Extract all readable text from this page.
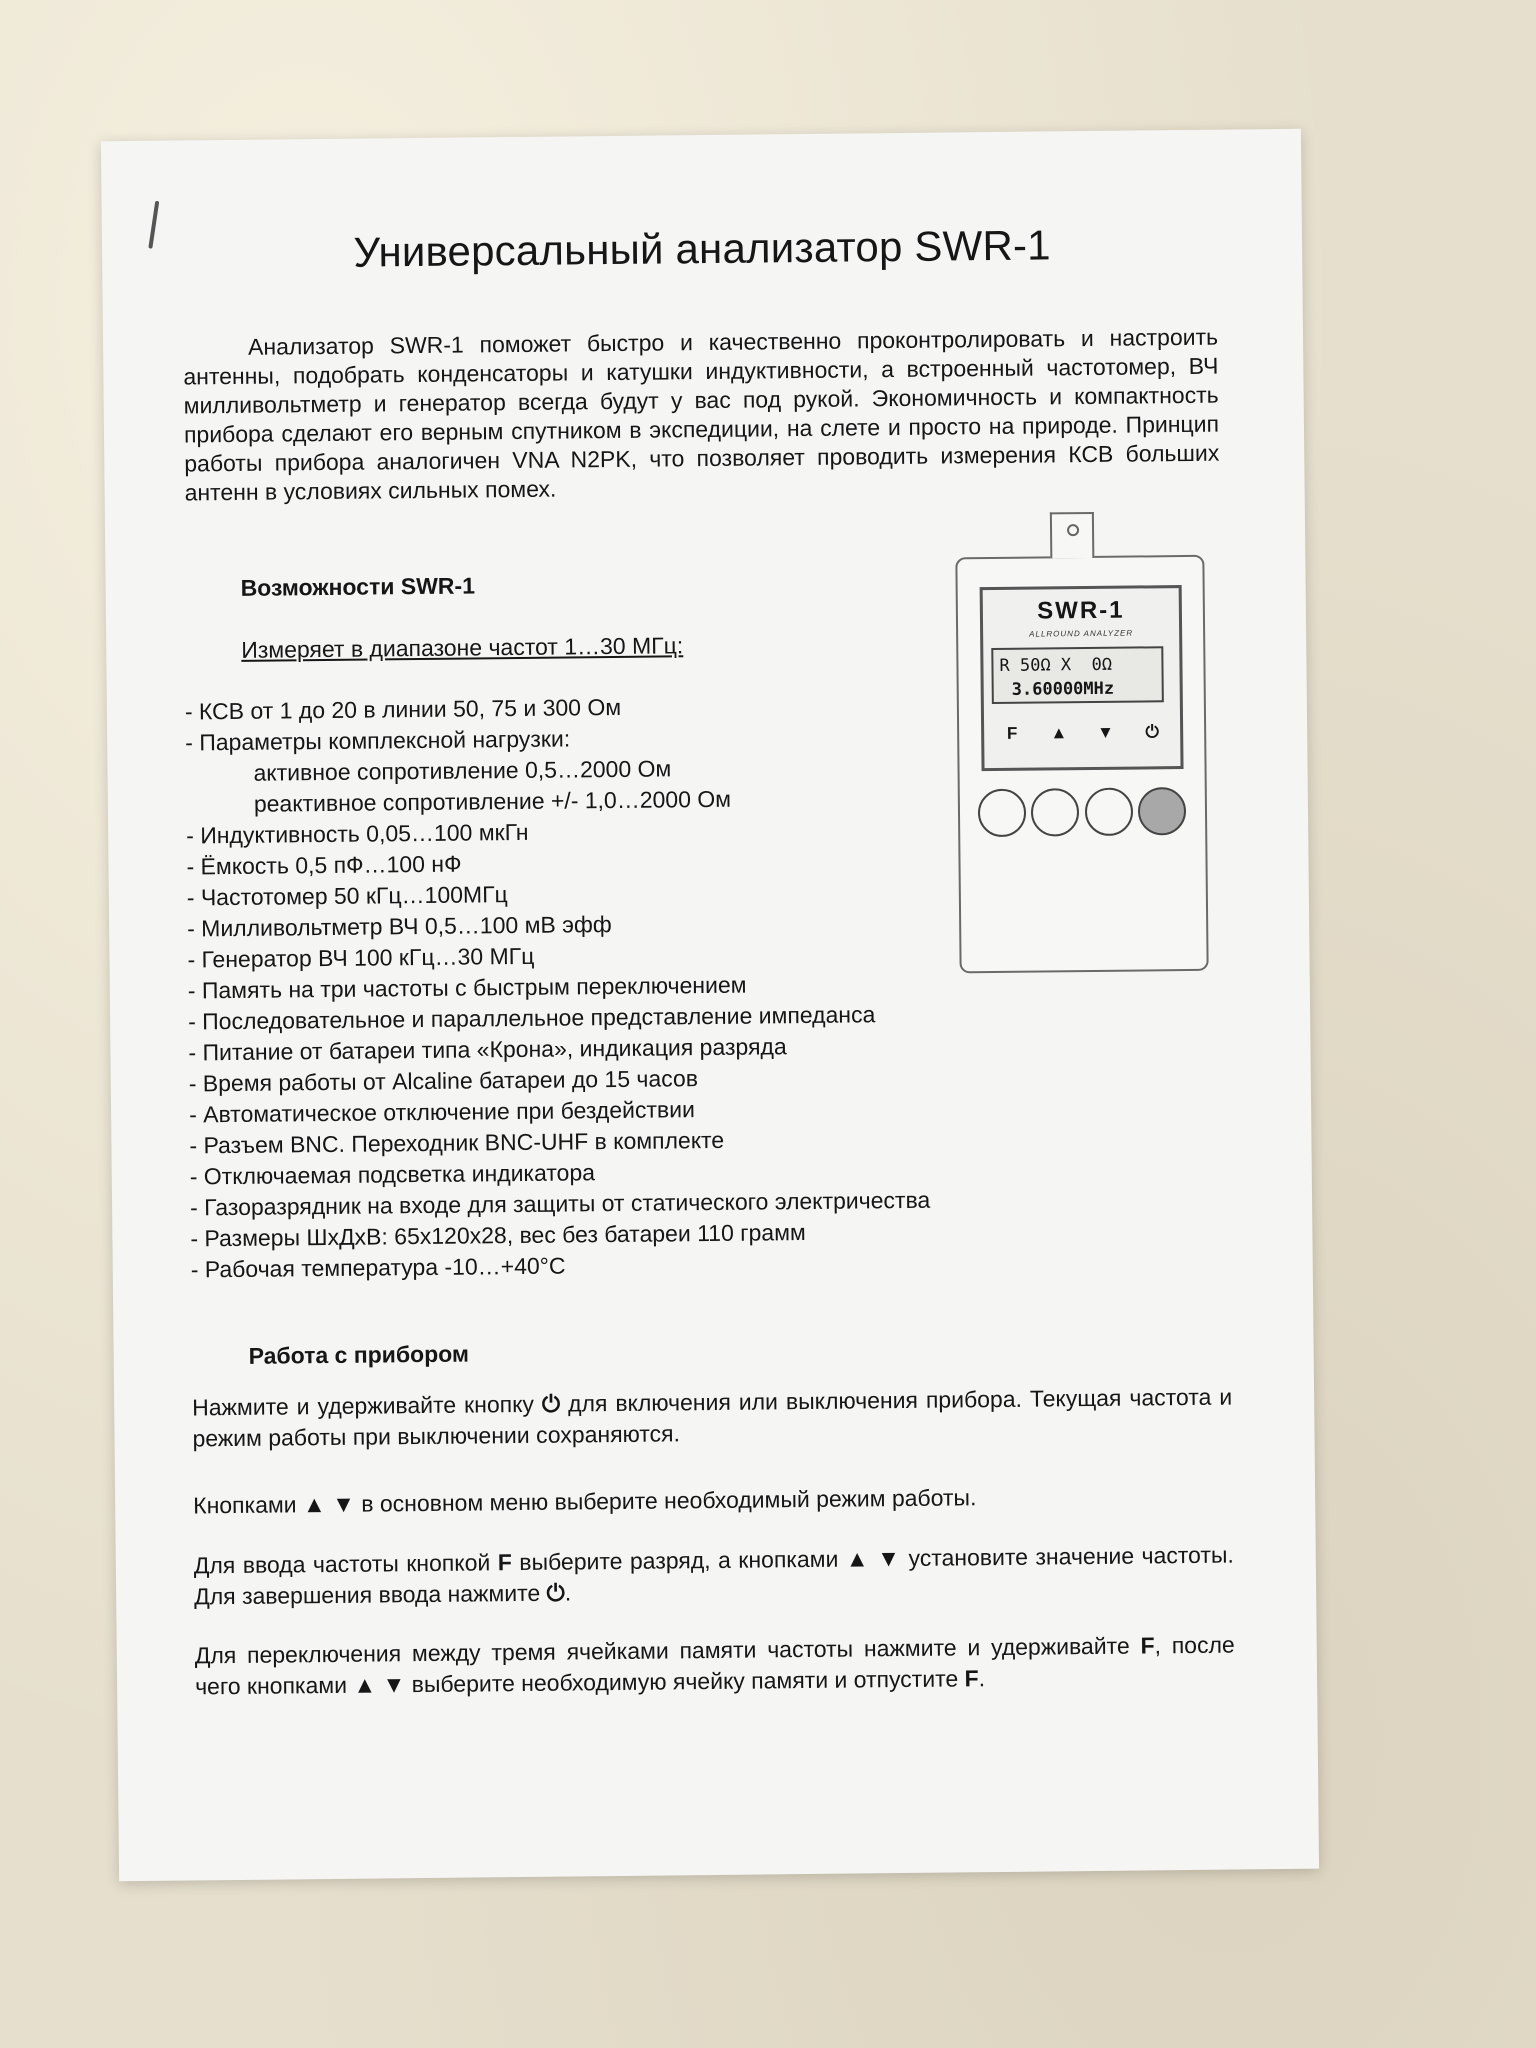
Универсальный анализатор SWR-1

Анализатор SWR-1 поможет быстро и качественно проконтролировать и настроить антенны, подобрать конденсаторы и катушки индуктивности, а встроенный частотомер, ВЧ милливольтметр и генератор всегда будут у вас под рукой. Экономичность и компактность прибора сделают его верным спутником в экспедиции, на слете и просто на природе. Принцип работы прибора аналогичен VNA N2PK, что позволяет проводить измерения КСВ больших антенн в условиях сильных помех.

Возможности SWR-1

Измеряет в диапазоне частот 1…30 МГц:

- КСВ от 1 до 20 в линии 50, 75 и 300 Ом
- Параметры комплексной нагрузки:
активное сопротивление 0,5…2000 Ом
реактивное сопротивление +/- 1,0…2000 Ом
- Индуктивность 0,05…100 мкГн
- Ёмкость 0,5 пФ…100 нФ
- Частотомер 50 кГц…100МГц
- Милливольтметр ВЧ 0,5…100 мВ эфф
- Генератор ВЧ 100 кГц…30 МГц
- Память на три частоты с быстрым переключением
- Последовательное и параллельное представление импеданса
- Питание от батареи типа «Крона», индикация разряда
- Время работы от Alcaline батареи до 15 часов
- Автоматическое отключение при бездействии
- Разъем BNC. Переходник BNC-UHF в комплекте
- Отключаемая подсветка индикатора
- Газоразрядник на входе для защиты от статического электричества
- Размеры ШхДхВ: 65х120х28, вес без батареи 110 грамм
- Рабочая температура -10…+40°C
SWR-1
ALLROUND ANALYZER
R 50Ω X  0Ω
3.60000MHz
F	▲	▼	⏻
Работа с прибором

Нажмите и удерживайте кнопку ⏻ для включения или выключения прибора. Текущая частота и режим работы при выключении сохраняются.

Кнопками ▲ ▼ в основном меню выберите необходимый режим работы.

Для ввода частоты кнопкой F выберите разряд, а кнопками ▲ ▼ установите значение частоты. Для завершения ввода нажмите ⏻.

Для переключения между тремя ячейками памяти частоты нажмите и удерживайте F, после чего кнопками ▲ ▼ выберите необходимую ячейку памяти и отпустите F.
